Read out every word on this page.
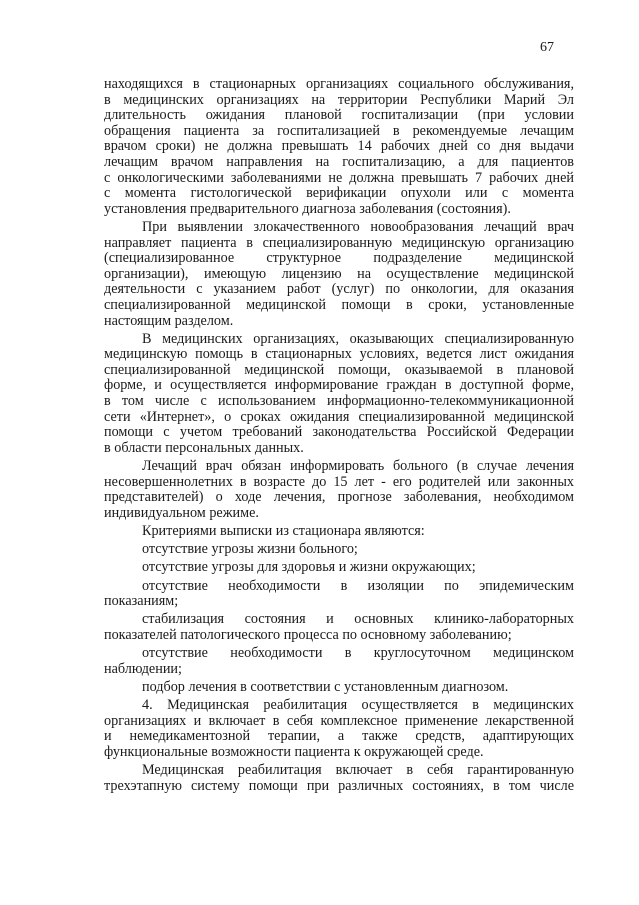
67
находящихся в стационарных организациях социального обслуживания,
в медицинских организациях на территории Республики Марий Эл
длительность ожидания плановой госпитализации (при условии
обращения пациента за госпитализацией в рекомендуемые лечащим
врачом сроки) не должна превышать 14 рабочих дней со дня выдачи
лечащим врачом направления на госпитализацию, а для пациентов
с онкологическими заболеваниями не должна превышать 7 рабочих дней
с момента гистологической верификации опухоли или с момента
установления предварительного диагноза заболевания (состояния).
При выявлении злокачественного новообразования лечащий врач
направляет пациента в специализированную медицинскую организацию
(специализированное структурное подразделение медицинской
организации), имеющую лицензию на осуществление медицинской
деятельности с указанием работ (услуг) по онкологии, для оказания
специализированной медицинской помощи в сроки, установленные
настоящим разделом.
В медицинских организациях, оказывающих специализированную
медицинскую помощь в стационарных условиях, ведется лист ожидания
специализированной медицинской помощи, оказываемой в плановой
форме, и осуществляется информирование граждан в доступной форме,
в том числе с использованием информационно-телекоммуникационной
сети «Интернет», о сроках ожидания специализированной медицинской
помощи с учетом требований законодательства Российской Федерации
в области персональных данных.
Лечащий врач обязан информировать больного (в случае лечения
несовершеннолетних в возрасте до 15 лет - его родителей или законных
представителей) о ходе лечения, прогнозе заболевания, необходимом
индивидуальном режиме.
Критериями выписки из стационара являются:
отсутствие угрозы жизни больного;
отсутствие угрозы для здоровья и жизни окружающих;
отсутствие необходимости в изоляции по эпидемическим
показаниям;
стабилизация состояния и основных клинико-лабораторных
показателей патологического процесса по основному заболеванию;
отсутствие необходимости в круглосуточном медицинском
наблюдении;
подбор лечения в соответствии с установленным диагнозом.
4. Медицинская реабилитация осуществляется в медицинских
организациях и включает в себя комплексное применение лекарственной
и немедикаментозной терапии, а также средств, адаптирующих
функциональные возможности пациента к окружающей среде.
Медицинская реабилитация включает в себя гарантированную
трехэтапную систему помощи при различных состояниях, в том числе
